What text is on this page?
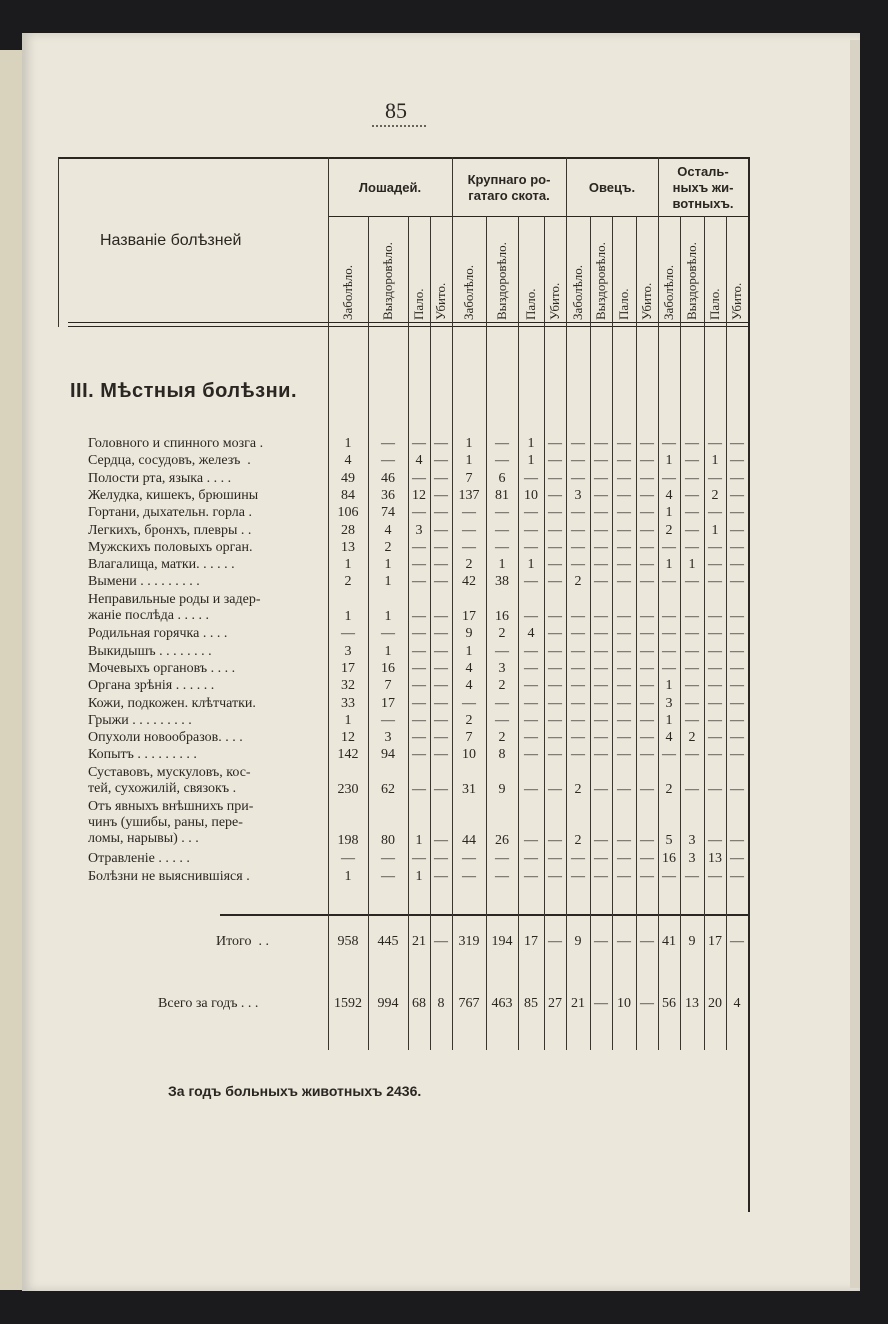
85
Названіе болѣзней
III. Мѣстныя болѣзни.
За годъ больныхъ животныхъ 2436.
Лошадей.
Крупнаго ро-
гатаго скота.
Овецъ.
Осталь-
ныхъ жи-
вотныхъ.
Заболѣло. Выздоровѣло. Пало. Убито. Заболѣло. Выздоровѣло. Пало. Убито. Заболѣло. Выздоровѣло. Пало. Убито. Заболѣло. Выздоровѣло. Пало. Убито.
Головного и спинного мозга .	1	—	— —	1	—	1 — — — — — — — — —
Сердца, сосудовъ, железъ  .	4	—	4 —	1	—	1 — — — — — 1 — 1 —
Полости рта, языка . . . .	49	46	— —	7	6	— — — — — — — — — —
Желудка, кишекъ, брюшины	84	36	12 — 137	81	10 — 3 — — — 4 — 2 —
Гортани, дыхательн. горла .	106	74	— —	—	—	— — — — — — 1 — — —
Легкихъ, бронхъ, плевры . .	28	4	3 —	—	—	— — — — — — 2 — 1 —
Мужскихъ половыхъ орган.	13	2	— —	—	—	— — — — — — — — — —
Влагалища, матки. . . . . .	1	1	— —	2	1	1 — — — — — 1	1 — —
Вымени . . . . . . . . .	2	1	— —	42	38	— — 2 — — — — — — —
Неправильные роды и задер-
жаніе послѣда . . . . .	1	1	— —	17	16	— — — — — — — — — —
Родильная горячка . . . .	—	—	— —	9	2	4 — — — — — — — — —
Выкидышъ . . . . . . . .	3	1	— —	1	—	— — — — — — — — — —
Мочевыхъ органовъ . . . .	17	16	— —	4	3	— — — — — — — — — —
Органа зрѣнія . . . . . .	32	7	— —	4	2	— — — — — — 1 — — —
Кожи, подкожен. клѣтчатки.	33	17	— —	—	—	— — — — — — 3 — — —
Грыжи . . . . . . . . .	1	—	— —	2	—	— — — — — — 1 — — —
Опухоли новообразов. . . .	12	3	— —	7	2	— — — — — — 4	2 — —
Копытъ . . . . . . . . .	142	94	— —	10	8	— — — — — — — — — —
Суставовъ, мускуловъ, кос-
тей, сухожилій, связокъ .	230	62	— —	31	9	— — 2 — — — 2 — — —
Отъ явныхъ внѣшнихъ при-
чинъ (ушибы, раны, пере-
ломы, нарывы) . . .	198	80	1 —	44	26	— — 2 — — — 5	3 — —
Отравленіе . . . . .	—	—	— —	—	—	— — — — — — 16 3 13 —
Болѣзни не выяснившіяся .	1	—	1 —	—	—	— — — — — — — — — —
Итого  . .	958	445 21 — 319 194 17 — 9 — — — 41 9 17 —
Всего за годъ . . .	1592	994 68 8	767 463 85 27 21 — 10 — 56 13 20 4
